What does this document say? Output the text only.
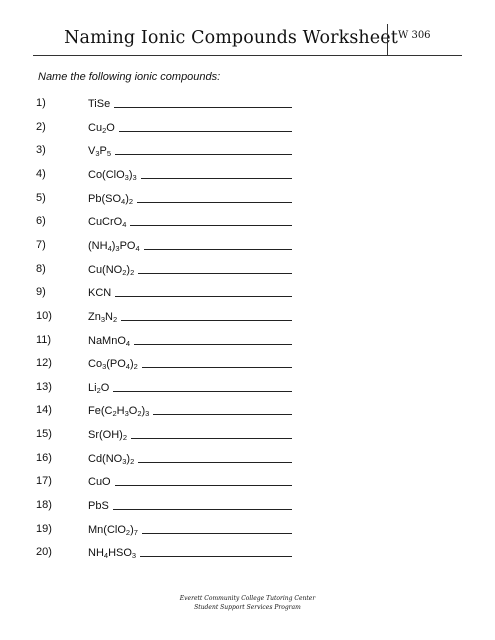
Naming Ionic Compounds Worksheet W 306

Name the following ionic compounds:

1)	TiSe
2)	$Cu_2O$
3)	$V_3P_5$
4)	$Co(ClO_3)_3$
5)	$Pb(SO_4)_2$
6)	CuCrO$_4$
7)	$(NH_4)_3PO_4$
8)	$Cu(NO_2)_2$
9)	KCN
10)	$Zn_3N_2$
11)	NaMnO$_4$
12)	$Co_3(PO_4)_2$
13)	$Li_2O$
14)	$Fe(C_2H_3O_2)_3$
15)	$Sr(OH)_2$
16)	$Cd(NO_3)_2$
17)	CuO
18)	PbS
19)	$Mn(ClO_2)_7$
20)	$NH_4HSO_3$
Everett Community College Tutoring Center
Student Support Services Program
